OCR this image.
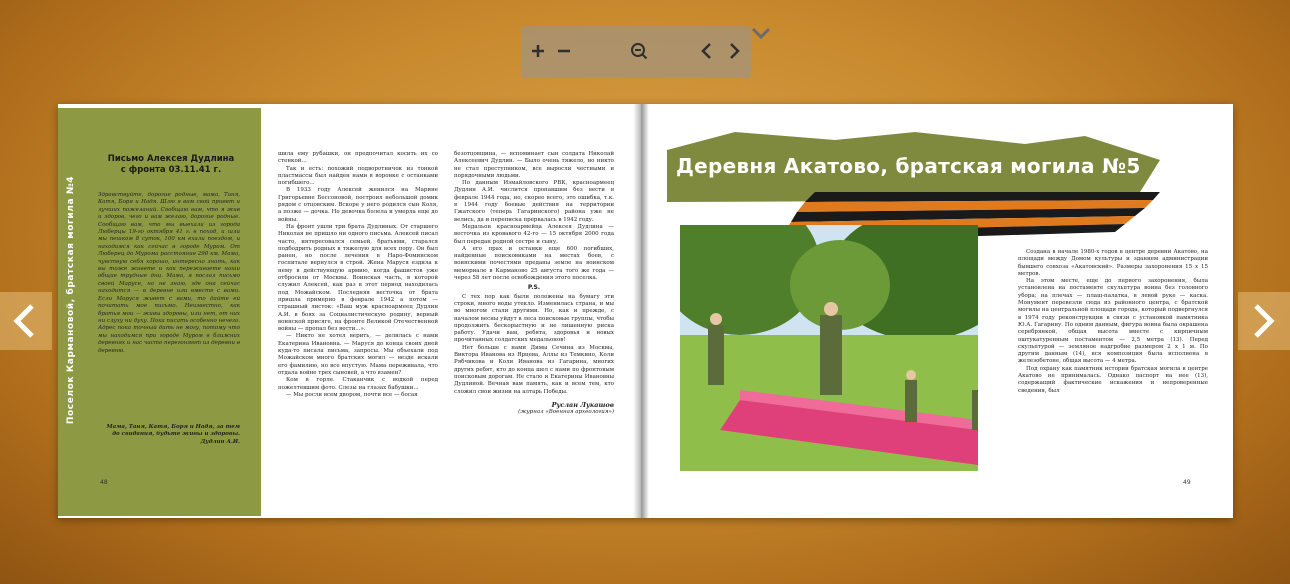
Поселок Кармановой, братская могила №4
Письмо Алексея Дудлина
с фронта 03.11.41 г.
Здравствуйте, дорогие родные, мама, Таня, Катя, Боря и Надя. Шлю я вам свой привет и лучших пожеланий. Сообщаю вам, что я жив и здоров, чего и вам желаю, дорогие родные. Сообщаю вам, что мы выехали из города Люберцы 19-го октября 41 г. в поход, и шли мы пешком 8 суток, 100 км ехали поездом, и находимся как сейчас в городе Муром. От Люберец до Мурома расстояние 290 км. Мама, чувствую себя хорошо, интересно знать, как вы тоже живете и как переживаете наши общие трудные дни. Мама, я послал письмо своей Марусе, но не знаю, где она сейчас находится — в деревне или вместе с вами. Если Маруся живет с вами, то дайте ей почитать мое письмо. Неизвестно, как братья мои — живы здоровы, или нет, от них ни слуху ни духу. Пока писать особенно нечего. Адрес пока точный дать не могу, потому что мы находимся при городе Муром в ближних деревнях и нас часто перегоняют из деревни в деревню.
Мама, Таня, Катя, Боря и Надя, за тем до свидания, будьте живы и здоровы. Дудлин А.И.
48

шила ему рубашки, он предпочитал косить их со стенкой...

Так и есть: похожий подворотничок из тонкой пластмассы был найден нами в воронке с останками погибшего...

В 1933 году Алексей женился на Марине Григорьевне Бессоновой, построил небольшой домик рядом с отцовским. Вскоре у него родился сын Коля, а позже — дочка. Но девочка болела и умерла еще до войны.

На фронт ушли три брата Дудлиных. От старшего Николая не пришло ни одного письма. Алексей писал часто, интересовался семьей, братьями, старался подбодрить родных в тяжелую для всех пору. Он был ранен, но после лечения в Наро-Фоминском госпитале вернулся в строй. Жена Маруся ездила к нему в действующую армию, когда фашистов уже отбросили от Москвы. Воинская часть, в которой служил Алексей, как раз в этот период находилась под Можайском. Последняя весточка от брата пришла примерно в феврале 1942 а потом — страшный листок: «Ваш муж красноармеец Дудлин А.И. в боях за Социалистическую родину, верный воинской присяге, на фронте Великой Отечественной войны — пропал без вести...».

— Никто не хотел верить, — делилась с нами Екатерина Ивановна. — Маруся до конца своих дней куда-то писала письма, запросы. Мы объехали под Можайском много братских могил — везде искали его фамилию, но все впустую. Мама переживала, что отдала войне трех сыновей, а что взамен?

Ком в горле. Стаканчик с водкой перед пожелтевшим фото. Слезы на глазах бабушки...

— Мы росли всем двором, почти все — босая

безотцовщина, — вспоминает сын солдата Николай Алексеевич Дудлин. — Было очень тяжело, но никто не стал преступником, все выросли честными и порядочными людьми.

По данным Измайловского РВК, красноармеец Дудлин А.И. числится пропавшим без вести в феврале 1944 года, но, скорее всего, это ошибка, т.к. в 1944 году боевые действия на территории Гжатского (теперь Гагаринского) района уже не велись, да и переписка прервалась в 1942 году.

Медальон красноармейца Алексея Дудлина — весточка из кровавого 42-го — 15 октября 2000 года был передан родной сестре и сыну.

А его прах и останки еще 600 погибших, найденные поисковиками на местах боев, с воинскими почестями преданы земле на воинском мемориале в Карманово 25 августа того же года — через 58 лет после освобождения этого поселка.

P.S.

С тех пор как были положены на бумагу эти строки, много воды утекло. Изменилась страна, и мы во многом стали другими. Но, как и прежде, с началом весны уйдут в леса поисковые группы, чтобы продолжить бескорыстную и не лишенную риска работу. Удачи вам, ребята, здоровья и новых прочитанных солдатских медальонов!

Нет больше с нами Димы Сечина из Москвы, Виктора Иванова из Ярцева, Аллы из Темкино, Коли Рябчикова и Коли Иванова из Гагарина, многих других ребят, кто до конца шел с нами по фронтовым поисковым дорогам. Не стало и Екатерины Ивановны Дудлиной. Вечная вам память, как и всем тем, кто сложил свои жизни на алтарь Победы.

Руслан Лукашов
(журнал «Военная археология»)
Деревня Акатово, братская могила №5

Создана в начале 1980-х годов в центре деревни Акатово, на площади между Домом культуры и зданием администрации бывшего совхоза «Акатовский». Размеры захоронения 15 х 15 метров.

На этом месте, еще до первого захоронения, была установлена на постаменте скульптура воина без головного убора; на плечах — плащ-палатка, в левой руке — каска. Монумент перевезли сюда из районного центра, с братской могилы на центральной площади города, который подвергнулся в 1974 году реконструкции в связи с установкой памятника Ю.А. Гагарину. По одним данным, фигура воина была окрашена серебрянкой, общая высота вместе с кирпичным оштукатуренным постаментом — 2,5 метра (13). Перед скульптурой — земляное надгробие размером 2 х 1 м. По другим данным (14), вся композиция была исполнена в железобетоне, общая высота — 4 метра.

Под охрану как памятник истории братская могила в центре Акатово не принималась. Однако паспорт на нее (13), содержащий фактические искажения и непроверенные сведения, был

49
